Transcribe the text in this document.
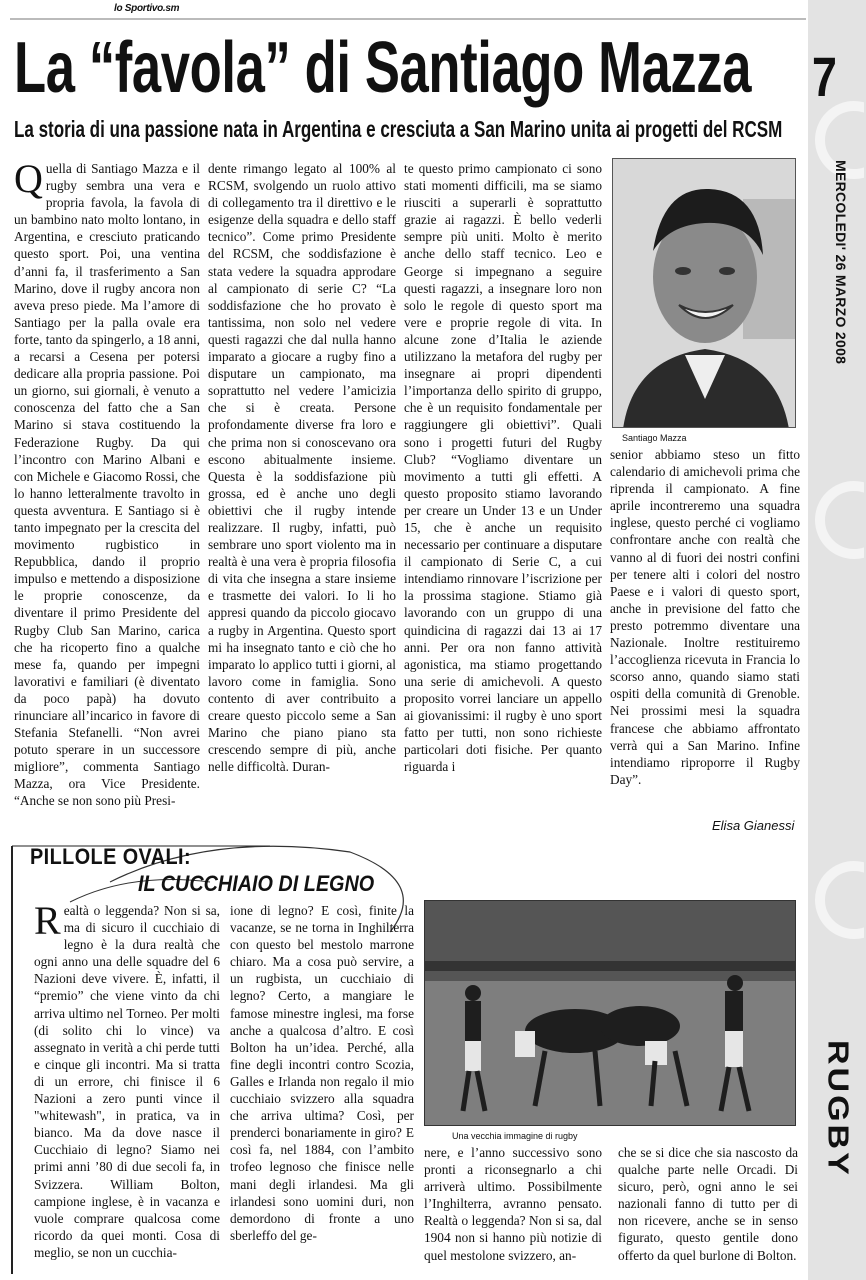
lo Sportivo.sm
7
MERCOLEDI' 26 MARZO 2008
RUGBY
La “favola” di Santiago Mazza
La storia di una passione nata in Argentina e cresciuta a San Marino unita ai progetti del RCSM
Q uella di Santiago Mazza e il rugby sembra una vera e propria favola, la favola di un bambino nato molto lontano, in Argentina, e cresciuto praticando questo sport. Poi, una ventina d’anni fa, il trasferimento a San Marino, dove il rugby ancora non aveva preso piede. Ma l’amore di Santiago per la palla ovale era forte, tanto da spingerlo, a 18 anni, a recarsi a Cesena per potersi dedicare alla propria passione. Poi un giorno, sui giornali, è venuto a conoscenza del fatto che a San Marino si stava costituendo la Federazione Rugby. Da qui l’incontro con Marino Albani e con Michele e Giacomo Rossi, che lo hanno letteralmente travolto in questa avventura. E Santiago si è tanto impegnato per la crescita del movimento rugbistico in Repubblica, dando il proprio impulso e mettendo a disposizione le proprie conoscenze, da diventare il primo Presidente del Rugby Club San Marino, carica che ha ricoperto fino a qualche mese fa, quando per impegni lavorativi e familiari (è diventato da poco papà) ha dovuto rinunciare all’incarico in favore di Stefania Stefanelli. “Non avrei potuto sperare in un successore migliore”, commenta Santiago Mazza, ora Vice Presidente. “Anche se non sono più Presi-

dente rimango legato al 100% al RCSM, svolgendo un ruolo attivo di collegamento tra il direttivo e le esigenze della squadra e dello staff tecnico”. Come primo Presidente del RCSM, che soddisfazione è stata vedere la squadra approdare al campionato di serie C? “La soddisfazione che ho provato è tantissima, non solo nel vedere questi ragazzi che dal nulla hanno imparato a giocare a rugby fino a disputare un campionato, ma soprattutto nel vedere l’amicizia che si è creata. Persone profondamente diverse fra loro e che prima non si conoscevano ora escono abitualmente insieme. Questa è la soddisfazione più grossa, ed è anche uno degli obiettivi che il rugby intende realizzare. Il rugby, infatti, può sembrare uno sport violento ma in realtà è una vera è propria filosofia di vita che insegna a stare insieme e trasmette dei valori. Io li ho appresi quando da piccolo giocavo a rugby in Argentina. Questo sport mi ha insegnato tanto e ciò che ho imparato lo applico tutti i giorni, al lavoro come in famiglia. Sono contento di aver contribuito a creare questo piccolo seme a San Marino che piano piano sta crescendo sempre di più, anche nelle difficoltà. Duran-

te questo primo campionato ci sono stati momenti difficili, ma se siamo riusciti a superarli è soprattutto grazie ai ragazzi. È bello vederli sempre più uniti. Molto è merito anche dello staff tecnico. Leo e George si impegnano a seguire questi ragazzi, a insegnare loro non solo le regole di questo sport ma vere e proprie regole di vita. In alcune zone d’Italia le aziende utilizzano la metafora del rugby per insegnare ai propri dipendenti l’importanza dello spirito di gruppo, che è un requisito fondamentale per raggiungere gli obiettivi”. Quali sono i progetti futuri del Rugby Club? “Vogliamo diventare un movimento a tutti gli effetti. A questo proposito stiamo lavorando per creare un Under 13 e un Under 15, che è anche un requisito necessario per continuare a disputare il campionato di Serie C, a cui intendiamo rinnovare l’iscrizione per la prossima stagione. Stiamo già lavorando con un gruppo di una quindicina di ragazzi dai 13 ai 17 anni. Per ora non fanno attività agonistica, ma stiamo progettando una serie di amichevoli. A questo proposito vorrei lanciare un appello ai giovanissimi: il rugby è uno sport fatto per tutti, non sono richieste particolari doti fisiche. Per quanto riguarda i

senior abbiamo steso un fitto calendario di amichevoli prima che riprenda il campionato. A fine aprile incontreremo una squadra inglese, questo perché ci vogliamo confrontare anche con realtà che vanno al di fuori dei nostri confini per tenere alti i colori del nostro Paese e i valori di questo sport, anche in previsione del fatto che presto potremmo diventare una Nazionale. Inoltre restituiremo l’accoglienza ricevuta in Francia lo scorso anno, quando siamo stati ospiti della comunità di Grenoble. Nei prossimi mesi la squadra francese che abbiamo affrontato verrà qui a San Marino. Infine intendiamo riproporre il Rugby Day”.

Santiago Mazza
Elisa Gianessi
PILLOLE OVALI:
IL CUCCHIAIO DI LEGNO
R ealtà o leggenda? Non si sa, ma di sicuro il cucchiaio di legno è la dura realtà che ogni anno una delle squadre del 6 Nazioni deve vivere. È, infatti, il “premio” che viene vinto da chi arriva ultimo nel Torneo. Per molti (di solito chi lo vince) va assegnato in verità a chi perde tutti e cinque gli incontri. Ma si tratta di un errore, chi finisce il 6 Nazioni a zero punti vince il "whitewash", in pratica, va in bianco. Ma da dove nasce il Cucchiaio di legno? Siamo nei primi anni ’80 di due secoli fa, in Svizzera. William Bolton, campione inglese, è in vacanza e vuole comprare qualcosa come ricordo da quei monti. Cosa di meglio, se non un cucchia-

ione di legno? E così, finite la vacanze, se ne torna in Inghilterra con questo bel mestolo marrone chiaro. Ma a cosa può servire, a un rugbista, un cucchiaio di legno? Certo, a mangiare le famose minestre inglesi, ma forse anche a qualcosa d’altro. E così Bolton ha un’idea. Perché, alla fine degli incontri contro Scozia, Galles e Irlanda non regalo il mio cucchiaio svizzero alla squadra che arriva ultima? Così, per prenderci bonariamente in giro? E così fa, nel 1884, con l’ambito trofeo legnoso che finisce nelle mani degli irlandesi. Ma gli irlandesi sono uomini duri, non demordono di fronte a uno sberleffo del ge-

nere, e l’anno successivo sono pronti a riconsegnarlo a chi arriverà ultimo. Possibilmente l’Inghilterra, avranno pensato. Realtà o leggenda? Non si sa, dal 1904 non si hanno più notizie di quel mestolone svizzero, an-

che se si dice che sia nascosto da qualche parte nelle Orcadi. Di sicuro, però, ogni anno le sei nazionali fanno di tutto per di non ricevere, anche se in senso figurato, questo gentile dono offerto da quel burlone di Bolton.

Una vecchia immagine di rugby
